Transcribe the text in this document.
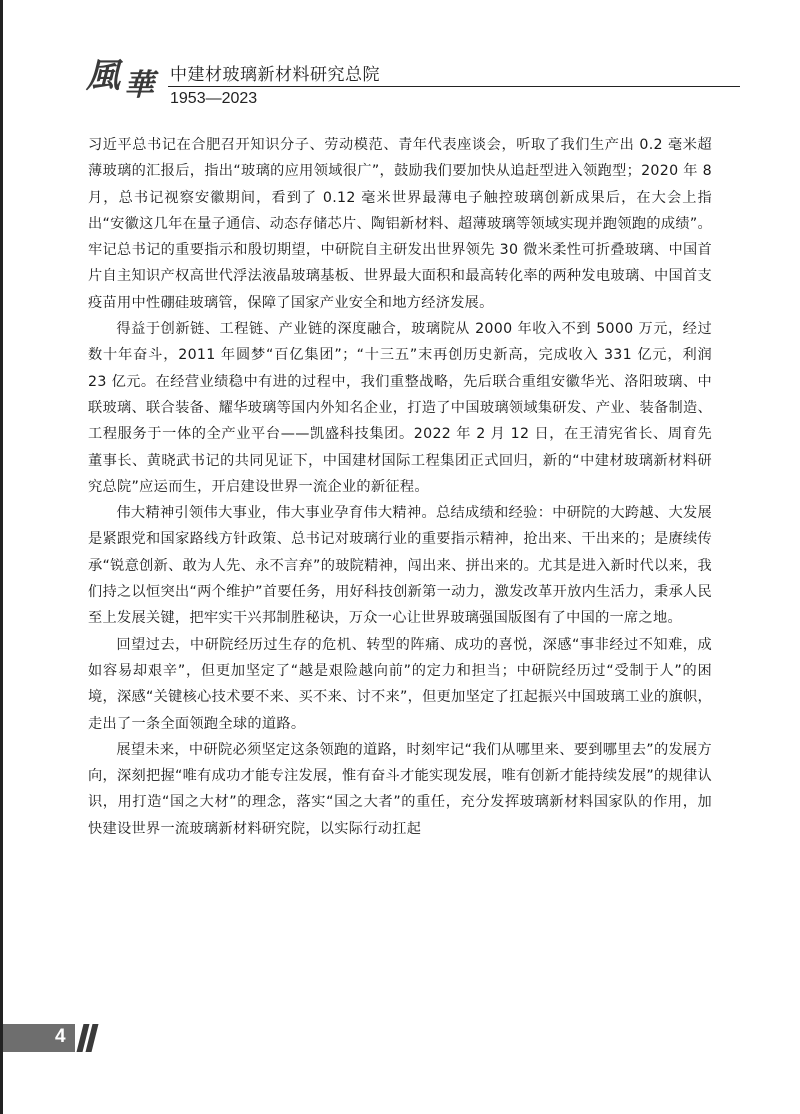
風華 中建材玻璃新材料研究总院
1953—2023

习近平总书记在合肥召开知识分子、劳动模范、青年代表座谈会，听取了我们生产出 0.2 毫米超薄玻璃的汇报后，指出“玻璃的应用领域很广”，鼓励我们要加快从追赶型进入领跑型；2020 年 8 月，总书记视察安徽期间，看到了 0.12 毫米世界最薄电子触控玻璃创新成果后，在大会上指出“安徽这几年在量子通信、动态存储芯片、陶铝新材料、超薄玻璃等领域实现并跑领跑的成绩”。牢记总书记的重要指示和殷切期望，中研院自主研发出世界领先 30 微米柔性可折叠玻璃、中国首片自主知识产权高世代浮法液晶玻璃基板、世界最大面积和最高转化率的两种发电玻璃、中国首支疫苗用中性硼硅玻璃管，保障了国家产业安全和地方经济发展。

得益于创新链、工程链、产业链的深度融合，玻璃院从 2000 年收入不到 5000 万元，经过数十年奋斗，2011 年圆梦“百亿集团”；“十三五”末再创历史新高，完成收入 331 亿元，利润 23 亿元。在经营业绩稳中有进的过程中，我们重整战略，先后联合重组安徽华光、洛阳玻璃、中联玻璃、联合装备、耀华玻璃等国内外知名企业，打造了中国玻璃领域集研发、产业、装备制造、工程服务于一体的全产业平台——凯盛科技集团。2022 年 2 月 12 日，在王清宪省长、周育先董事长、黄晓武书记的共同见证下，中国建材国际工程集团正式回归，新的“中建材玻璃新材料研究总院”应运而生，开启建设世界一流企业的新征程。

伟大精神引领伟大事业，伟大事业孕育伟大精神。总结成绩和经验：中研院的大跨越、大发展是紧跟党和国家路线方针政策、总书记对玻璃行业的重要指示精神，抢出来、干出来的；是赓续传承“锐意创新、敢为人先、永不言弃”的玻院精神，闯出来、拼出来的。尤其是进入新时代以来，我们持之以恒突出“两个维护”首要任务，用好科技创新第一动力，激发改革开放内生活力，秉承人民至上发展关键，把牢实干兴邦制胜秘诀，万众一心让世界玻璃强国版图有了中国的一席之地。

回望过去，中研院经历过生存的危机、转型的阵痛、成功的喜悦，深感“事非经过不知难，成如容易却艰辛”，但更加坚定了“越是艰险越向前”的定力和担当；中研院经历过“受制于人”的困境，深感“关键核心技术要不来、买不来、讨不来”，但更加坚定了扛起振兴中国玻璃工业的旗帜，走出了一条全面领跑全球的道路。

展望未来，中研院必须坚定这条领跑的道路，时刻牢记“我们从哪里来、要到哪里去”的发展方向，深刻把握“唯有成功才能专注发展，惟有奋斗才能实现发展，唯有创新才能持续发展”的规律认识，用打造“国之大材”的理念，落实“国之大者”的重任，充分发挥玻璃新材料国家队的作用，加快建设世界一流玻璃新材料研究院，以实际行动扛起

4
